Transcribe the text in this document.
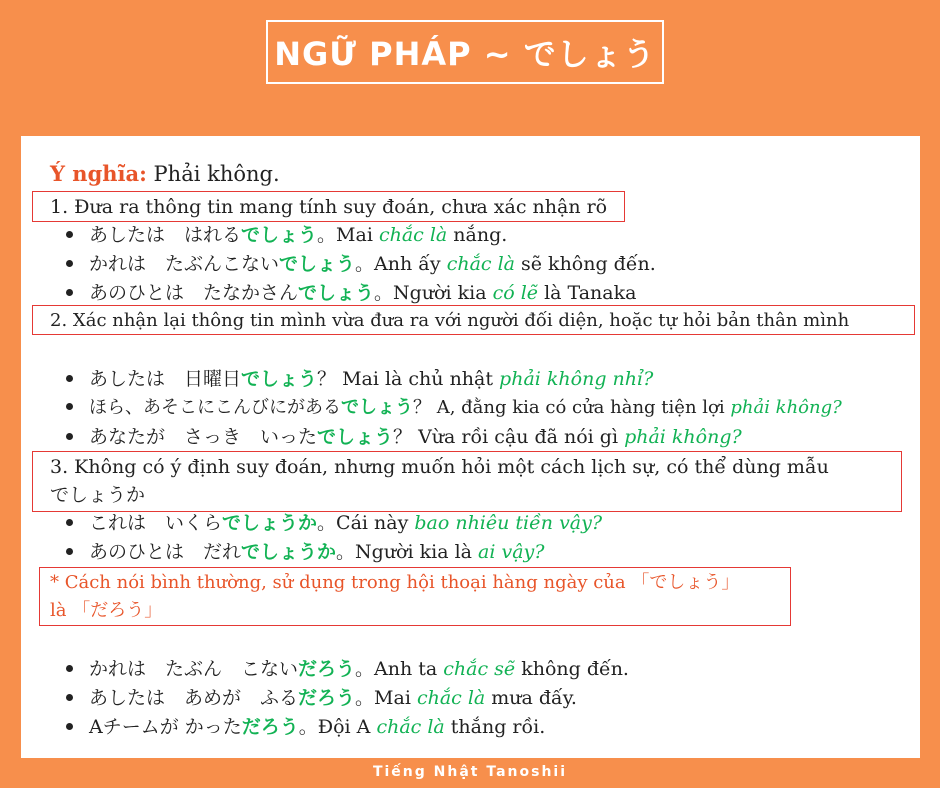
NGỮ PHÁP ~ でしょう
Ý nghĩa: Phải không.
1. Đưa ra thông tin mang tính suy đoán, chưa xác nhận rõ
あしたは　はれるでしょう。Mai chắc là nắng.
かれは　たぶんこないでしょう。Anh ấy chắc là sẽ không đến.
あのひとは　たなかさんでしょう。Người kia có lẽ là Tanaka
2. Xác nhận lại thông tin mình vừa đưa ra với người đối diện, hoặc tự hỏi bản thân mình
あしたは　日曜日でしょう？ Mai là chủ nhật phải không nhỉ?
ほら、あそこにこんびにがあるでしょう？ A, đằng kia có cửa hàng tiện lợi phải không?
あなたが　さっき　いったでしょう？ Vừa rồi cậu đã nói gì phải không?
3. Không có ý định suy đoán, nhưng muốn hỏi một cách lịch sự, có thể dùng mẫu
でしょうか
これは　いくらでしょうか。Cái này bao nhiêu tiền vậy?
あのひとは　だれでしょうか。Người kia là ai vậy?
* Cách nói bình thường, sử dụng trong hội thoại hàng ngày của 「でしょう」
là 「だろう」
かれは　たぶん　こないだろう。Anh ta chắc sẽ không đến.
あしたは　あめが　ふるだろう。Mai chắc là mưa đấy.
Aチームが かっただろう。Đội A chắc là thắng rồi.
Tiếng Nhật Tanoshii
